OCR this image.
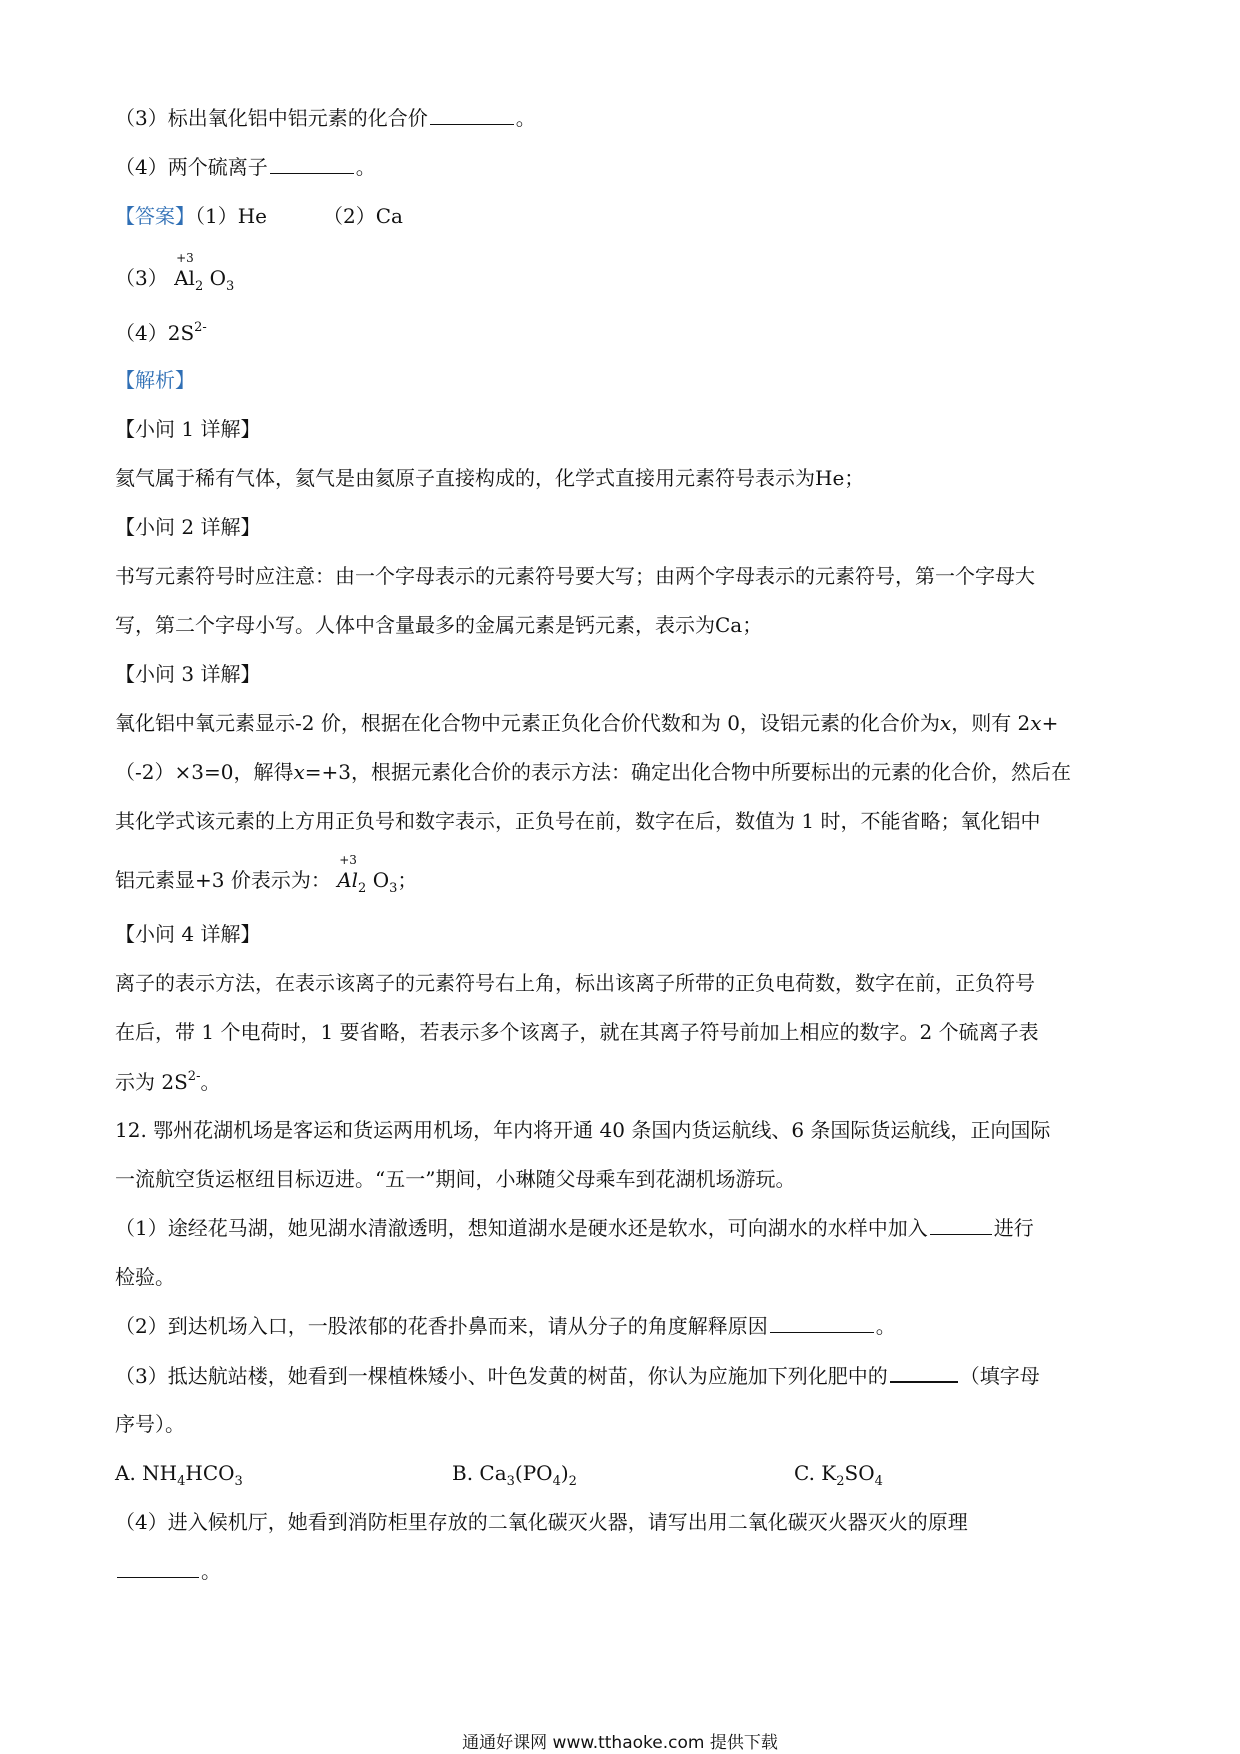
（3）标出氧化铝中铝元素的化合价	。
（4）两个硫离子	。
【答案】（1）He	（2）Ca
（3）
+3
$Al_2$ $O_3$
$(4)2S^{2-}$
【解析】
【小问 1 详解】
氦气属于稀有气体，氦气是由氦原子直接构成的，化学式直接用元素符号表示为He；
【小问 2 详解】
书写元素符号时应注意：由一个字母表示的元素符号要大写；由两个字母表示的元素符号，第一个字母大
写，第二个字母小写。人体中含量最多的金属元素是钙元素，表示为Ca；
【小问 3 详解】
氧化铝中氧元素显示-2 价，根据在化合物中元素正负化合价代数和为 0，设铝元素的化合价为x，则有 2x+
（-2）×3=0，解得x=+3，根据元素化合价的表示方法：确定出化合物中所要标出的元素的化合价，然后在
其化学式该元素的上方用正负号和数字表示，正负号在前，数字在后，数值为 1 时，不能省略；氧化铝中
铝元素显+3 价表示为：
+3
$Al_2$ $O_3$；
【小问 4 详解】
离子的表示方法，在表示该离子的元素符号右上角，标出该离子所带的正负电荷数，数字在前，正负符号
在后，带 1 个电荷时，1 要省略，若表示多个该离子，就在其离子符号前加上相应的数字。2 个硫离子表
示为 $2S^{2-}$。
12. 鄂州花湖机场是客运和货运两用机场，年内将开通 40 条国内货运航线、6 条国际货运航线，正向国际
一流航空货运枢纽目标迈进。“五一”期间，小琳随父母乘车到花湖机场游玩。
（1）途经花马湖，她见湖水清澈透明，想知道湖水是硬水还是软水，可向湖水的水样中加入	进行
检验。
（2）到达机场入口，一股浓郁的花香扑鼻而来，请从分子的角度解释原因	。
（3）抵达航站楼，她看到一棵植株矮小、叶色发黄的树苗，你认为应施加下列化肥中的	（填字母
序号）。
A. $NH_4HCO_3$	B. $Ca_3(PO_4)_2$	C. $K_2SO_4$
（4）进入候机厅，她看到消防柜里存放的二氧化碳灭火器，请写出用二氧化碳灭火器灭火的原理
。
通通好课网 www.tthaoke.com 提供下载
